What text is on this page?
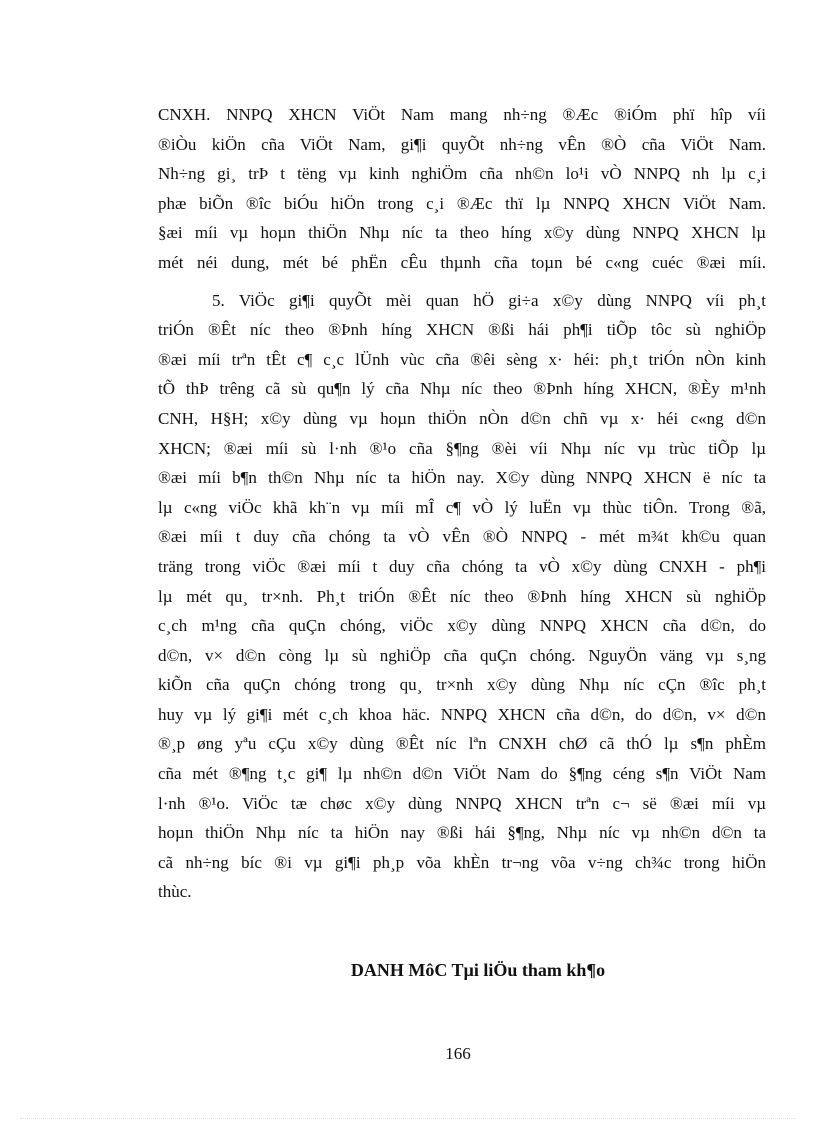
CNXH. NNPQ XHCN ViÖt Nam mang nh÷ng ®Æc ®iÓm phï hîp víi
®iÒu kiÖn cña ViÖt Nam, gi¶i quyÕt nh÷ng vÊn ®Ò cña ViÖt Nam.
Nh÷ng gi¸ trÞ t tëng vµ kinh nghiÖm cña nh©n lo¹i vÒ NNPQ nh lµ c¸i
phæ biÕn ®îc biÓu hiÖn trong c¸i ®Æc thï lµ NNPQ XHCN ViÖt Nam.
§æi míi vµ hoµn thiÖn Nhµ níc ta theo híng x©y dùng NNPQ XHCN lµ
mét néi dung, mét bé phËn cÊu thµnh cña toµn bé c«ng cuéc ®æi míi.

5. ViÖc gi¶i quyÕt mèi quan hÖ gi÷a x©y dùng NNPQ víi ph¸t
triÓn ®Êt níc theo ®Þnh híng XHCN ®ßi hái ph¶i tiÕp tôc sù nghiÖp
®æi míi trªn tÊt c¶ c¸c lÜnh vùc cña ®êi sèng x· héi: ph¸t triÓn nÒn kinh
tÕ thÞ trêng cã sù qu¶n lý cña Nhµ níc theo ®Þnh híng XHCN, ®Èy m¹nh
CNH, H§H; x©y dùng vµ hoµn thiÖn nÒn d©n chñ vµ x· héi c«ng d©n
XHCN; ®æi míi sù l·nh ®¹o cña §¶ng ®èi víi Nhµ níc vµ trùc tiÕp lµ
®æi míi b¶n th©n Nhµ níc ta hiÖn nay. X©y dùng NNPQ XHCN ë níc ta
lµ c«ng viÖc khã kh¨n vµ míi mÎ c¶ vÒ lý luËn vµ thùc tiÔn. Trong ®ã,
®æi míi t duy cña chóng ta vÒ vÊn ®Ò NNPQ - mét m¾t kh©u quan
träng trong viÖc ®æi míi t duy cña chóng ta vÒ x©y dùng CNXH - ph¶i
lµ mét qu¸ tr×nh. Ph¸t triÓn ®Êt níc theo ®Þnh híng XHCN sù nghiÖp
c¸ch m¹ng cña quÇn chóng, viÖc x©y dùng NNPQ XHCN cña d©n, do
d©n, v× d©n còng lµ sù nghiÖp cña quÇn chóng. NguyÖn väng vµ s¸ng
kiÕn cña quÇn chóng trong qu¸ tr×nh x©y dùng Nhµ níc cÇn ®îc ph¸t
huy vµ lý gi¶i mét c¸ch khoa häc. NNPQ XHCN cña d©n, do d©n, v× d©n
®¸p øng yªu cÇu x©y dùng ®Êt níc lªn CNXH chØ cã thÓ lµ s¶n phÈm
cña mét ®¶ng t¸c gi¶ lµ nh©n d©n ViÖt Nam do §¶ng céng s¶n ViÖt Nam
l·nh ®¹o. ViÖc tæ chøc x©y dùng NNPQ XHCN trªn c¬ së ®æi míi vµ
hoµn thiÖn Nhµ níc ta hiÖn nay ®ßi hái §¶ng, Nhµ níc vµ nh©n d©n ta
cã nh÷ng bíc ®i vµ gi¶i ph¸p võa khÈn tr¬ng võa v÷ng ch¾c trong hiÖn
thùc.

DANH MôC Tµi liÖu tham kh¶o
166
